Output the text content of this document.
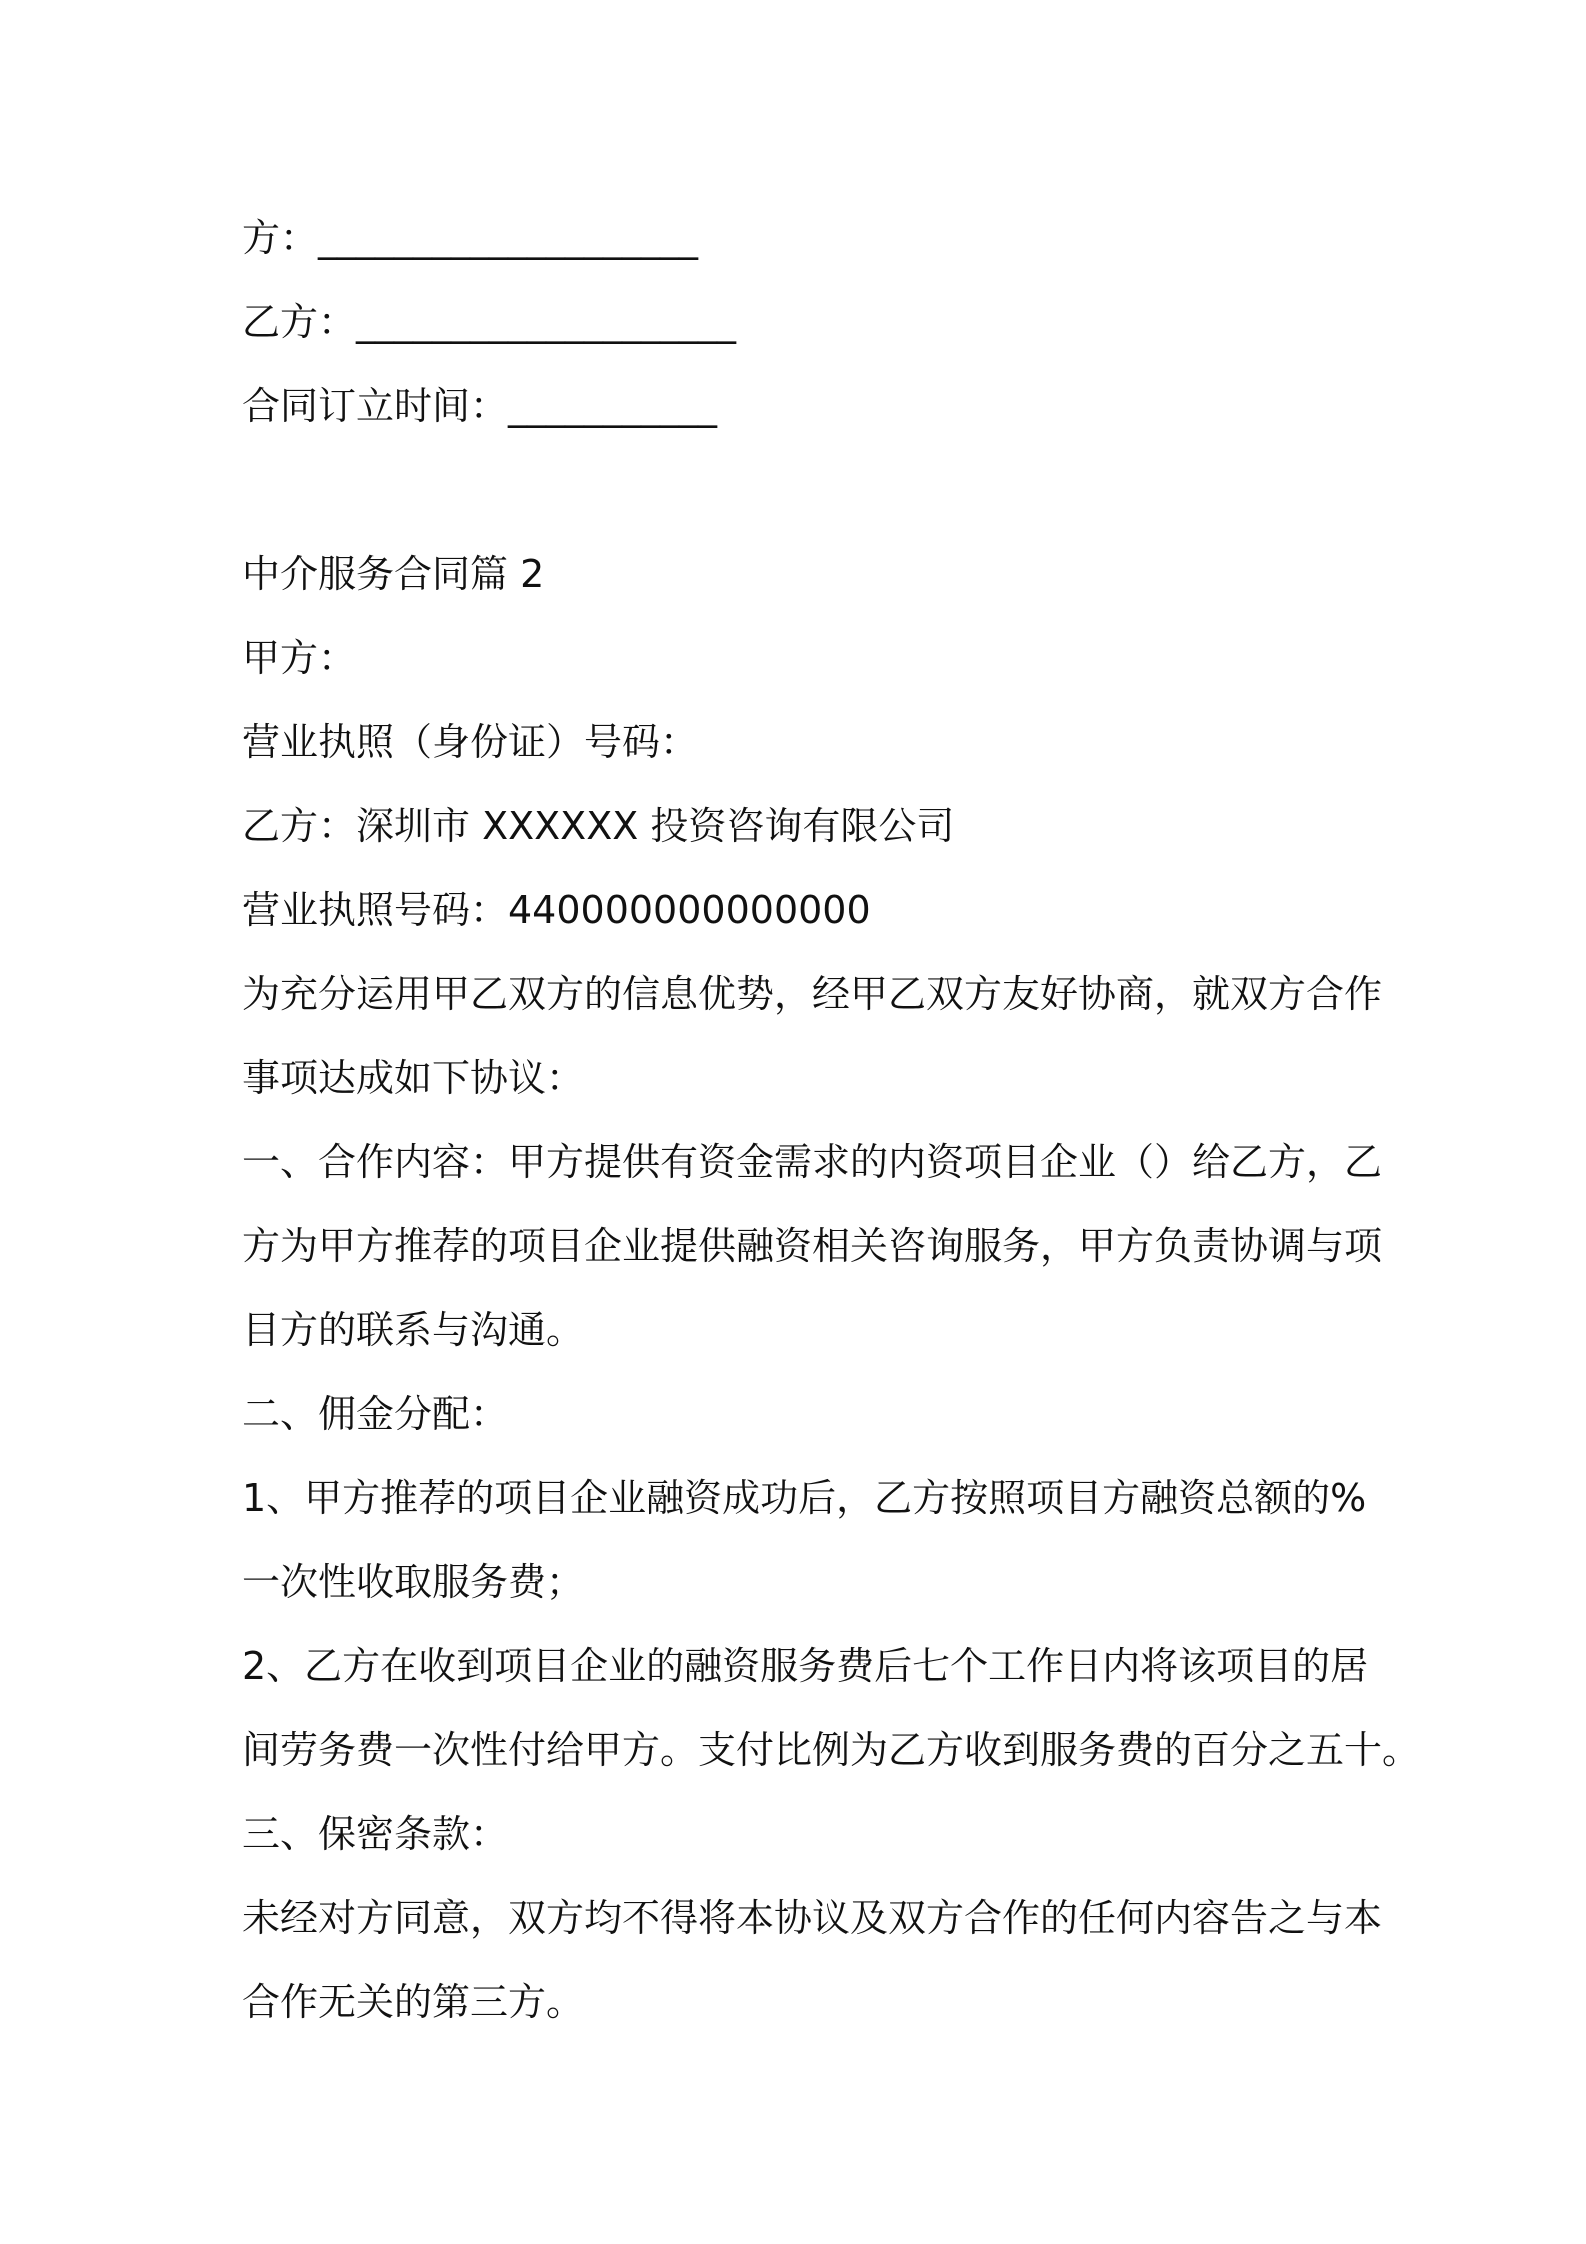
方：____________________
乙方：____________________
合同订立时间：___________
中介服务合同篇 2
甲方：
营业执照（身份证）号码：
乙方：深圳市 XXXXXX 投资咨询有限公司
营业执照号码：440000000000000
为充分运用甲乙双方的信息优势，经甲乙双方友好协商，就双方合作
事项达成如下协议：
一、合作内容：甲方提供有资金需求的内资项目企业（）给乙方，乙
方为甲方推荐的项目企业提供融资相关咨询服务，甲方负责协调与项
目方的联系与沟通。
二、佣金分配：
1、甲方推荐的项目企业融资成功后，乙方按照项目方融资总额的%
一次性收取服务费；
2、乙方在收到项目企业的融资服务费后七个工作日内将该项目的居
间劳务费一次性付给甲方。支付比例为乙方收到服务费的百分之五十。
三、保密条款：
未经对方同意，双方均不得将本协议及双方合作的任何内容告之与本
合作无关的第三方。
